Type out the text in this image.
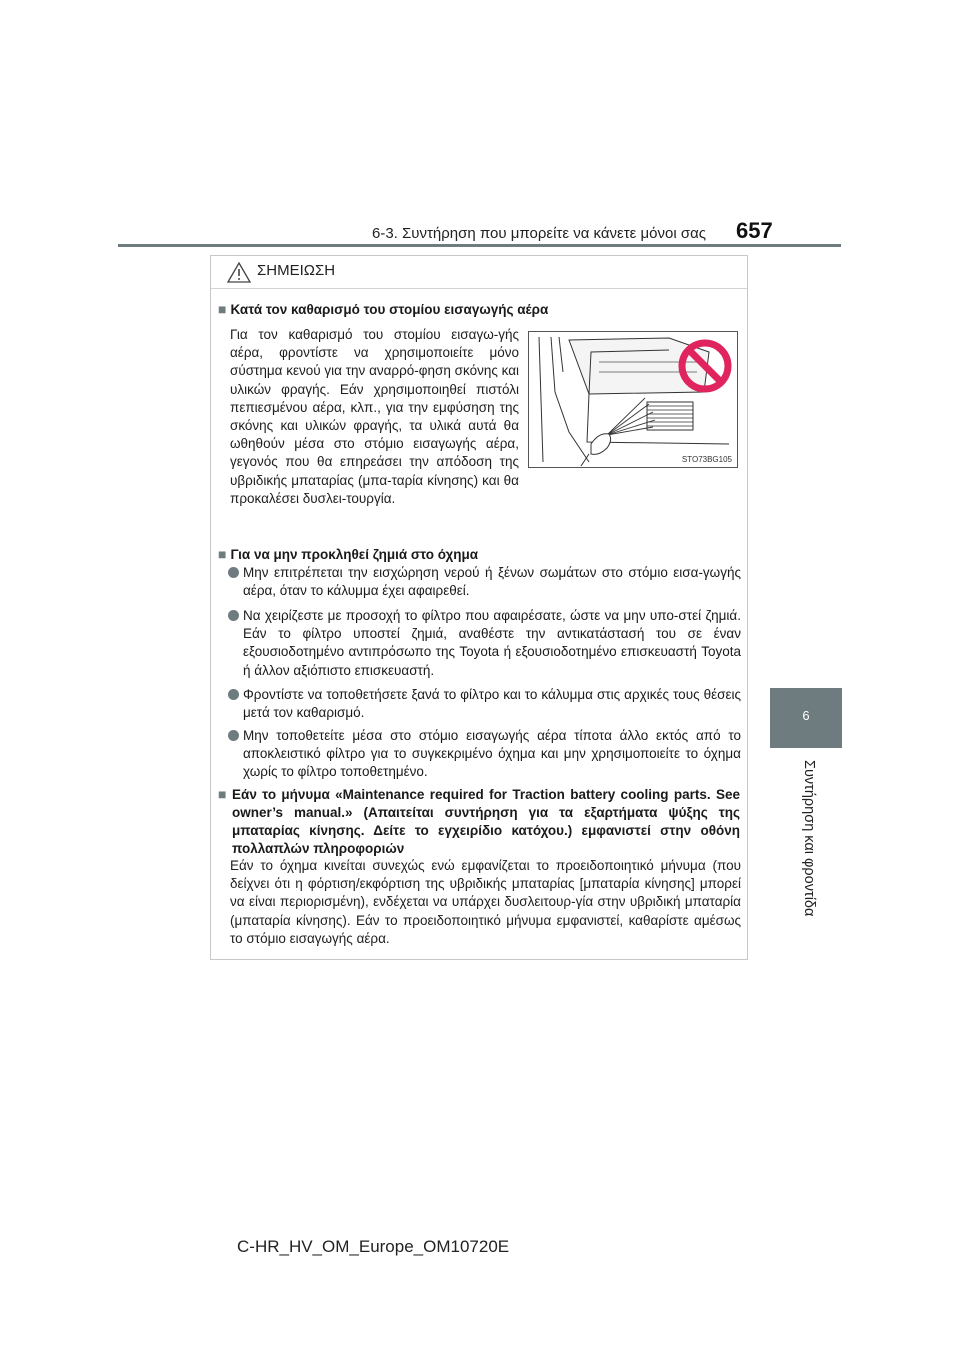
6-3. Συντήρηση που μπορείτε να κάνετε μόνοι σας 657
6
Συντήρηση και φροντίδα
ΣΗΜΕΙΩΣΗ
■ Κατά τον καθαρισμό του στομίου εισαγωγής αέρα
Για τον καθαρισμό του στομίου εισαγω-γής αέρα, φροντίστε να χρησιμοποιείτε μόνο σύστημα κενού για την αναρρό-φηση σκόνης και υλικών φραγής. Εάν χρησιμοποιηθεί πιστόλι πεπιεσμένου αέρα, κλπ., για την εμφύσηση της σκόνης και υλικών φραγής, τα υλικά αυτά θα ωθηθούν μέσα στο στόμιο εισαγωγής αέρα, γεγονός που θα επηρεάσει την απόδοση της υβριδικής μπαταρίας (μπα-ταρία κίνησης) και θα προκαλέσει δυσλει-τουργία.
STO73BG105
■ Για να μην προκληθεί ζημιά στο όχημα
Μην επιτρέπεται την εισχώρηση νερού ή ξένων σωμάτων στο στόμιο εισα-γωγής αέρα, όταν το κάλυμμα έχει αφαιρεθεί.
Να χειρίζεστε με προσοχή το φίλτρο που αφαιρέσατε, ώστε να μην υπο-στεί ζημιά. Εάν το φίλτρο υποστεί ζημιά, αναθέστε την αντικατάστασή του σε έναν εξουσιοδοτημένο αντιπρόσωπο της Toyota ή εξουσιοδοτημένο επισκευαστή Toyota ή άλλον αξιόπιστο επισκευαστή.
Φροντίστε να τοποθετήσετε ξανά το φίλτρο και το κάλυμμα στις αρχικές τους θέσεις μετά τον καθαρισμό.
Μην τοποθετείτε μέσα στο στόμιο εισαγωγής αέρα τίποτα άλλο εκτός από το αποκλειστικό φίλτρο για το συγκεκριμένο όχημα και μην χρησιμοποιείτε το όχημα χωρίς το φίλτρο τοποθετημένο.
■ Εάν το μήνυμα «Maintenance required for Traction battery cooling parts. See owner’s manual.» (Απαιτείται συντήρηση για τα εξαρτήματα ψύξης της μπαταρίας κίνησης. Δείτε το εγχειρίδιο κατόχου.) εμφανιστεί στην οθόνη πολλαπλών πληροφοριών
Εάν το όχημα κινείται συνεχώς ενώ εμφανίζεται το προειδοποιητικό μήνυμα (που δείχνει ότι η φόρτιση/εκφόρτιση της υβριδικής μπαταρίας [μπαταρία κίνησης] μπορεί να είναι περιορισμένη), ενδέχεται να υπάρχει δυσλειτουρ-γία στην υβριδική μπαταρία (μπαταρία κίνησης). Εάν το προειδοποιητικό μήνυμα εμφανιστεί, καθαρίστε αμέσως το στόμιο εισαγωγής αέρα.
C-HR_HV_OM_Europe_OM10720E
